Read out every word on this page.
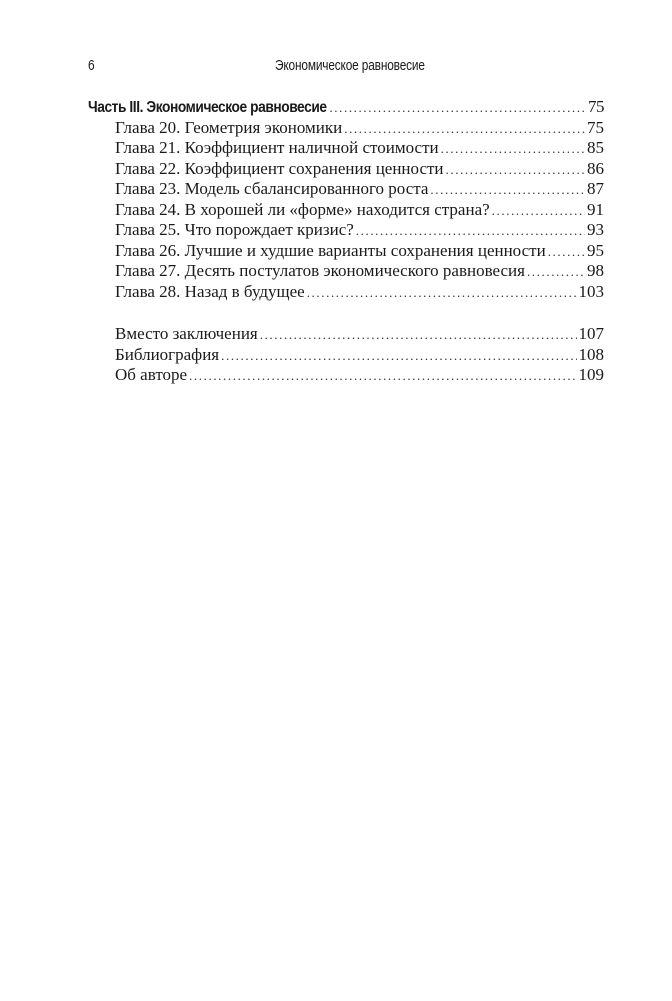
6	Экономическое равновесие
Часть III. Экономическое равновесие .....	75
Глава 20. Геометрия экономики .....	75
Глава 21. Коэффициент наличной стоимости .....	85
Глава 22. Коэффициент сохранения ценности .....	86
Глава 23. Модель сбалансированного роста .....	87
Глава 24. В хорошей ли «форме» находится страна? .....	91
Глава 25. Что порождает кризис? .....	93
Глава 26. Лучшие и худшие варианты сохранения ценности ..... 95
Глава 27. Десять постулатов экономического равновесия .....	98
Глава 28. Назад в будущее .....	103
Вместо заключения .....	107
Библиография .....	108
Об авторе .....	109
